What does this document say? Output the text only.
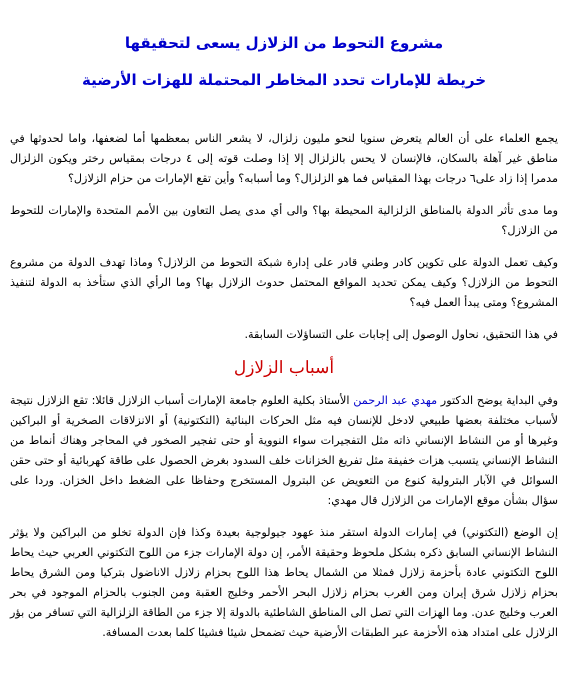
مشروع التحوط من الزلازل يسعى لتحقيقها
خريطة للإمارات تحدد المخاطر المحتملة للهزات الأرضية

يجمع العلماء على أن العالم يتعرض سنويا لنحو مليون زلزال، لا يشعر الناس بمعظمها أما لضعفها، واما لحدوثها في مناطق غير آهلة بالسكان، فالإنسان لا يحس بالزلزال إلا إذا وصلت قوته إلى ٤ درجات بمقياس رختر ويكون الزلزال مدمرا إذا زاد على٦ درجات بهذا المقياس فما هو الزلزال؟ وما أسبابه؟ وأين تقع الإمارات من حزام الزلازل؟

وما مدى تأثر الدولة بالمناطق الزلزالية المحيطة بها؟ والى أي مدى يصل التعاون بين الأمم المتحدة والإمارات للتحوط من الزلازل؟

وكيف تعمل الدولة على تكوين كادر وطني قادر على إدارة شبكة التحوط من الزلازل؟ وماذا تهدف الدولة من مشروع التحوط من الزلازل؟ وكيف يمكن تحديد المواقع المحتمل حدوث الزلازل بها؟ وما الرأي الذي ستأخذ به الدولة لتنفيذ المشروع؟ ومتى يبدأ العمل فيه؟

في هذا التحقيق، نحاول الوصول إلى إجابات على التساؤلات السابقة.

أسباب الزلازل

وفي البداية يوضح الدكتور مهدي عبد الرحمن الأستاذ بكلية العلوم جامعة الإمارات أسباب الزلازل قائلا: تقع الزلازل نتيجة لأسباب مختلفة بعضها طبيعي لادخل للإنسان فيه مثل الحركات البنائية (التكتونية) أو الانزلاقات الصخرية أو البراكين وغيرها أو من النشاط الإنساني ذاته مثل التفجيرات سواء النووية أو حتى تفجير الصخور في المحاجر وهناك أنماط من النشاط الإنساني يتسبب هزات خفيفة مثل تفريغ الخزانات خلف السدود بغرض الحصول على طاقة كهربائية أو حتى حقن السوائل في الآبار البترولية كنوع من التعويض عن البترول المستخرج وحفاظا على الضغط داخل الخزان. وردا على سؤال بشأن موقع الإمارات من الزلازل قال مهدي:

إن الوضع (التكتوني) في إمارات الدولة استقر منذ عهود جيولوجية بعيدة وكذا فإن الدولة تخلو من البراكين ولا يؤثر النشاط الإنساني السابق ذكره بشكل ملحوظ وحقيقة الأمر، إن دولة الإمارات جزء من اللوح التكتوني العربي حيث يحاط اللوح التكتوني عادة بأحزمة زلازل فمثلا من الشمال يحاط هذا اللوح بحزام زلازل الاناضول بتركيا ومن الشرق يحاط بحزام زلازل شرق إيران ومن الغرب بحزام زلازل البحر الأحمر وخليج العقبة ومن الجنوب بالحزام الموجود في بحر العرب وخليج عدن. وما الهزات التي تصل الى المناطق الشاطئية بالدولة إلا جزء من الطاقة الزلزالية التي تسافر من بؤر الزلازل على امتداد هذه الأحزمة عبر الطبقات الأرضية حيث تضمحل شيئا فشيئا كلما بعدت المسافة.
